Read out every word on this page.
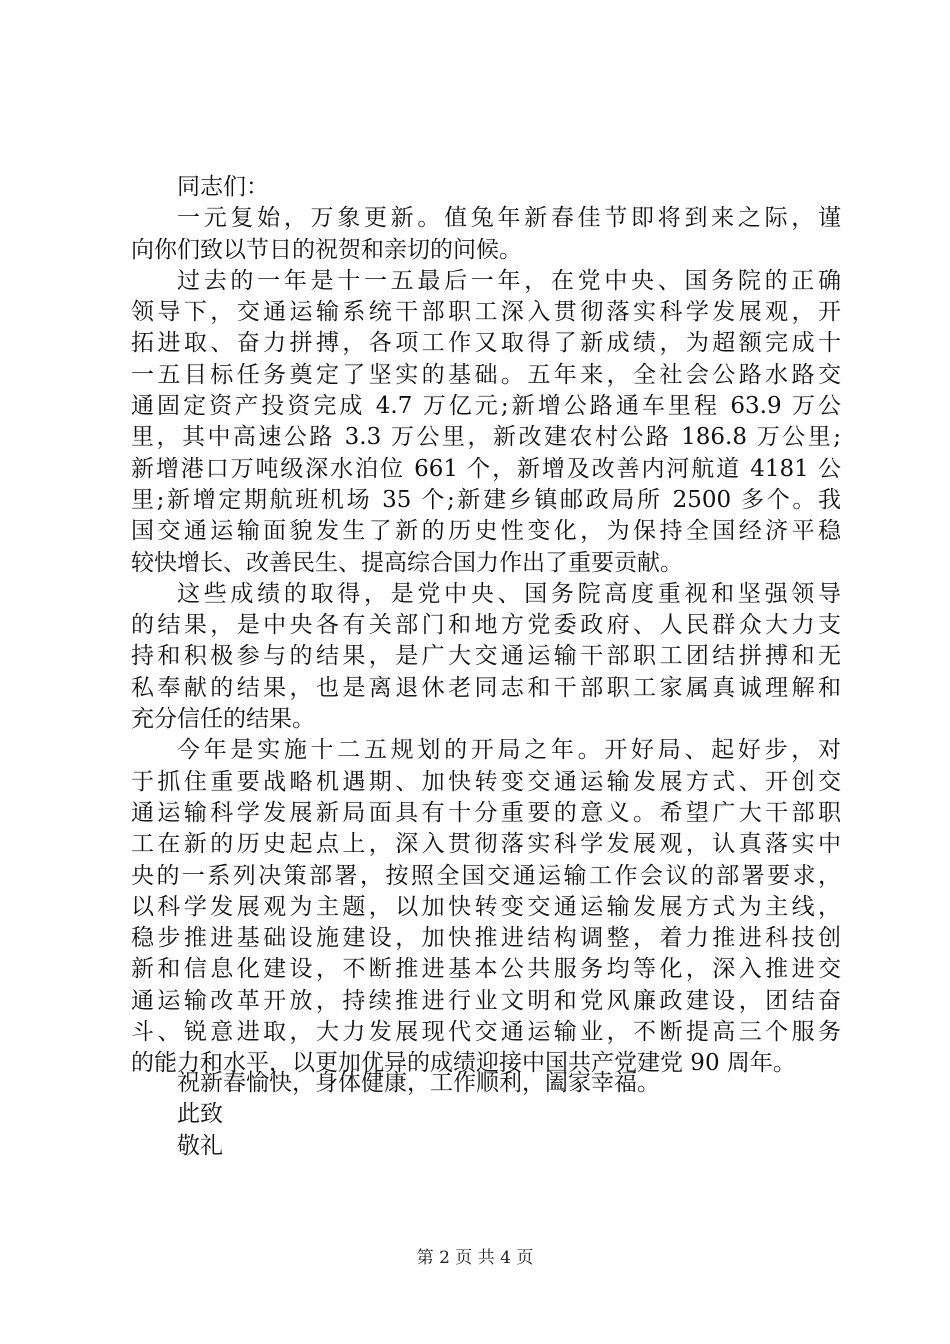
同志们：
一元复始，万象更新。值兔年新春佳节即将到来之际，谨
向你们致以节日的祝贺和亲切的问候。
过去的一年是十一五最后一年，在党中央、国务院的正确
领导下，交通运输系统干部职工深入贯彻落实科学发展观，开
拓进取、奋力拼搏，各项工作又取得了新成绩，为超额完成十
一五目标任务奠定了坚实的基础。五年来，全社会公路水路交
通固定资产投资完成 4.7 万亿元;新增公路通车里程 63.9 万公
里，其中高速公路 3.3 万公里，新改建农村公路 186.8 万公里;
新增港口万吨级深水泊位 661 个，新增及改善内河航道 4181 公
里;新增定期航班机场 35 个;新建乡镇邮政局所 2500 多个。我
国交通运输面貌发生了新的历史性变化，为保持全国经济平稳
较快增长、改善民生、提高综合国力作出了重要贡献。
这些成绩的取得，是党中央、国务院高度重视和坚强领导
的结果，是中央各有关部门和地方党委政府、人民群众大力支
持和积极参与的结果，是广大交通运输干部职工团结拼搏和无
私奉献的结果，也是离退休老同志和干部职工家属真诚理解和
充分信任的结果。
今年是实施十二五规划的开局之年。开好局、起好步，对
于抓住重要战略机遇期、加快转变交通运输发展方式、开创交
通运输科学发展新局面具有十分重要的意义。希望广大干部职
工在新的历史起点上，深入贯彻落实科学发展观，认真落实中
央的一系列决策部署，按照全国交通运输工作会议的部署要求，
以科学发展观为主题，以加快转变交通运输发展方式为主线，
稳步推进基础设施建设，加快推进结构调整，着力推进科技创
新和信息化建设，不断推进基本公共服务均等化，深入推进交
通运输改革开放，持续推进行业文明和党风廉政建设，团结奋
斗、锐意进取，大力发展现代交通运输业，不断提高三个服务
的能力和水平，以更加优异的成绩迎接中国共产党建党 90 周年。
祝新春愉快，身体健康，工作顺利，阖家幸福。
此致
敬礼
第 2 页 共 4 页
